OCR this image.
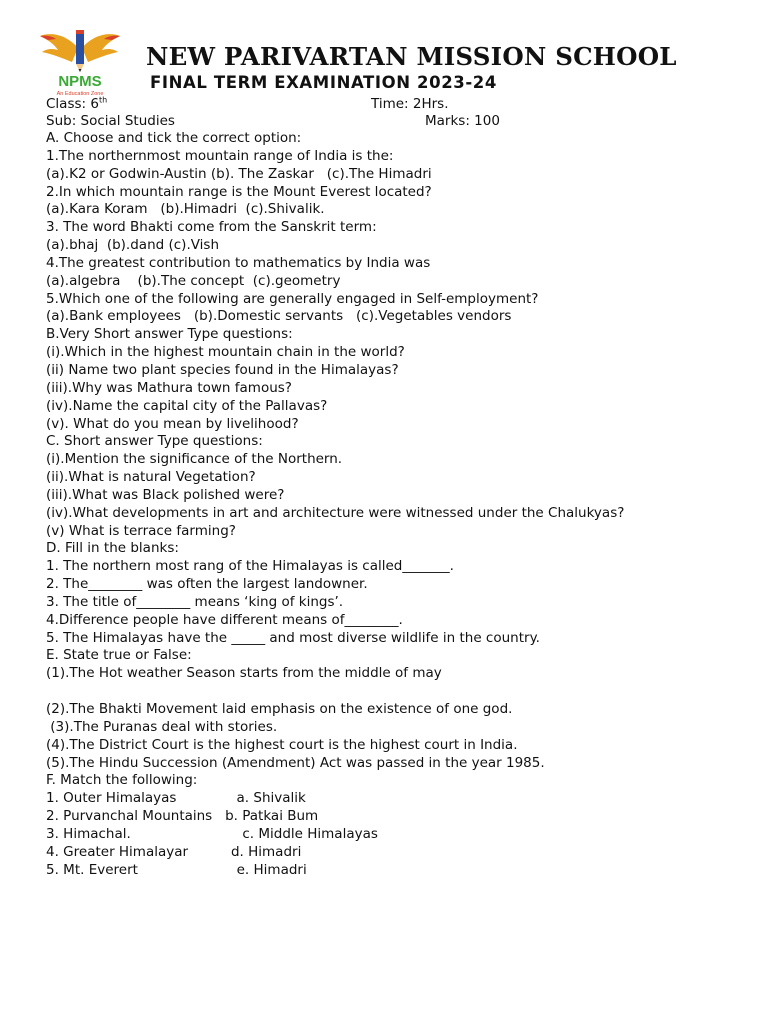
NPMS
An Education Zone
NEW PARIVARTAN MISSION SCHOOL
FINAL TERM EXAMINATION 2023-24
Class: 6th	Time: 2Hrs.
Sub: Social Studies	Marks: 100
A. Choose and tick the correct option:
1.The northernmost mountain range of India is the:
(a).K2 or Godwin-Austin (b). The Zaskar   (c).The Himadri
2.In which mountain range is the Mount Everest located?
(a).Kara Koram   (b).Himadri  (c).Shivalik.
3. The word Bhakti come from the Sanskrit term:
(a).bhaj  (b).dand (c).Vish
4.The greatest contribution to mathematics by India was
(a).algebra    (b).The concept  (c).geometry
5.Which one of the following are generally engaged in Self-employment?
(a).Bank employees   (b).Domestic servants   (c).Vegetables vendors
B.Very Short answer Type questions:
(i).Which in the highest mountain chain in the world?
(ii) Name two plant species found in the Himalayas?
(iii).Why was Mathura town famous?
(iv).Name the capital city of the Pallavas?
(v). What do you mean by livelihood?
C. Short answer Type questions:
(i).Mention the significance of the Northern.
(ii).What is natural Vegetation?
(iii).What was Black polished were?
(iv).What developments in art and architecture were witnessed under the Chalukyas?
(v) What is terrace farming?
D. Fill in the blanks:
1. The northern most rang of the Himalayas is called_______.
2. The________ was often the largest landowner.
3. The title of________ means ‘king of kings’.
4.Difference people have different means of________.
5. The Himalayas have the _____ and most diverse wildlife in the country.
E. State true or False:
(1).The Hot weather Season starts from the middle of may
(2).The Bhakti Movement laid emphasis on the existence of one god.
(3).The Puranas deal with stories.
(4).The District Court is the highest court is the highest court in India.
(5).The Hindu Succession (Amendment) Act was passed in the year 1985.
F. Match the following:
1. Outer Himalayas              a. Shivalik
2. Purvanchal Mountains   b. Patkai Bum
3. Himachal.                          c. Middle Himalayas
4. Greater Himalayar          d. Himadri
5. Mt. Everert                       e. Himadri
